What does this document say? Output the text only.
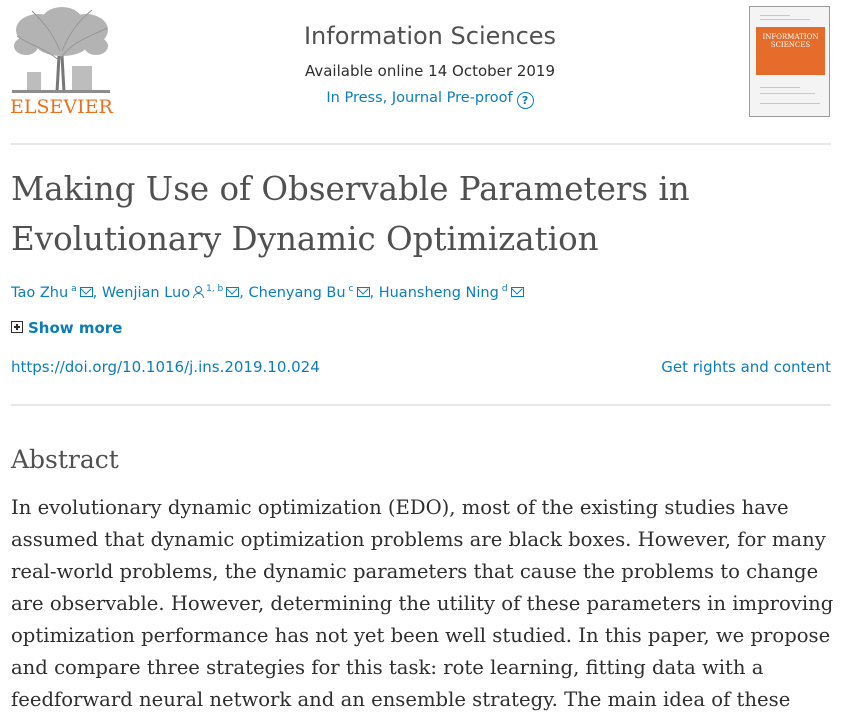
ELSEVIER
Information Sciences
Available online 14 October 2019
In Press, Journal Pre-proof ?
INFORMATION SCIENCES
Making Use of Observable Parameters in Evolutionary Dynamic Optimization
Tao Zhu $^a$ , Wenjian Luo $^{1, b}$ , Chenyang Bu $^c$ , Huansheng Ning $^d$
Show more
https://doi.org/10.1016/j.ins.2019.10.024	Get rights and content
Abstract

In evolutionary dynamic optimization (EDO), most of the existing studies have assumed that dynamic optimization problems are black boxes. However, for many real-world problems, the dynamic parameters that cause the problems to change are observable. However, determining the utility of these parameters in improving optimization performance has not yet been well studied. In this paper, we propose and compare three strategies for this task: rote learning, fitting data with a feedforward neural network and an ensemble strategy. The main idea of these
